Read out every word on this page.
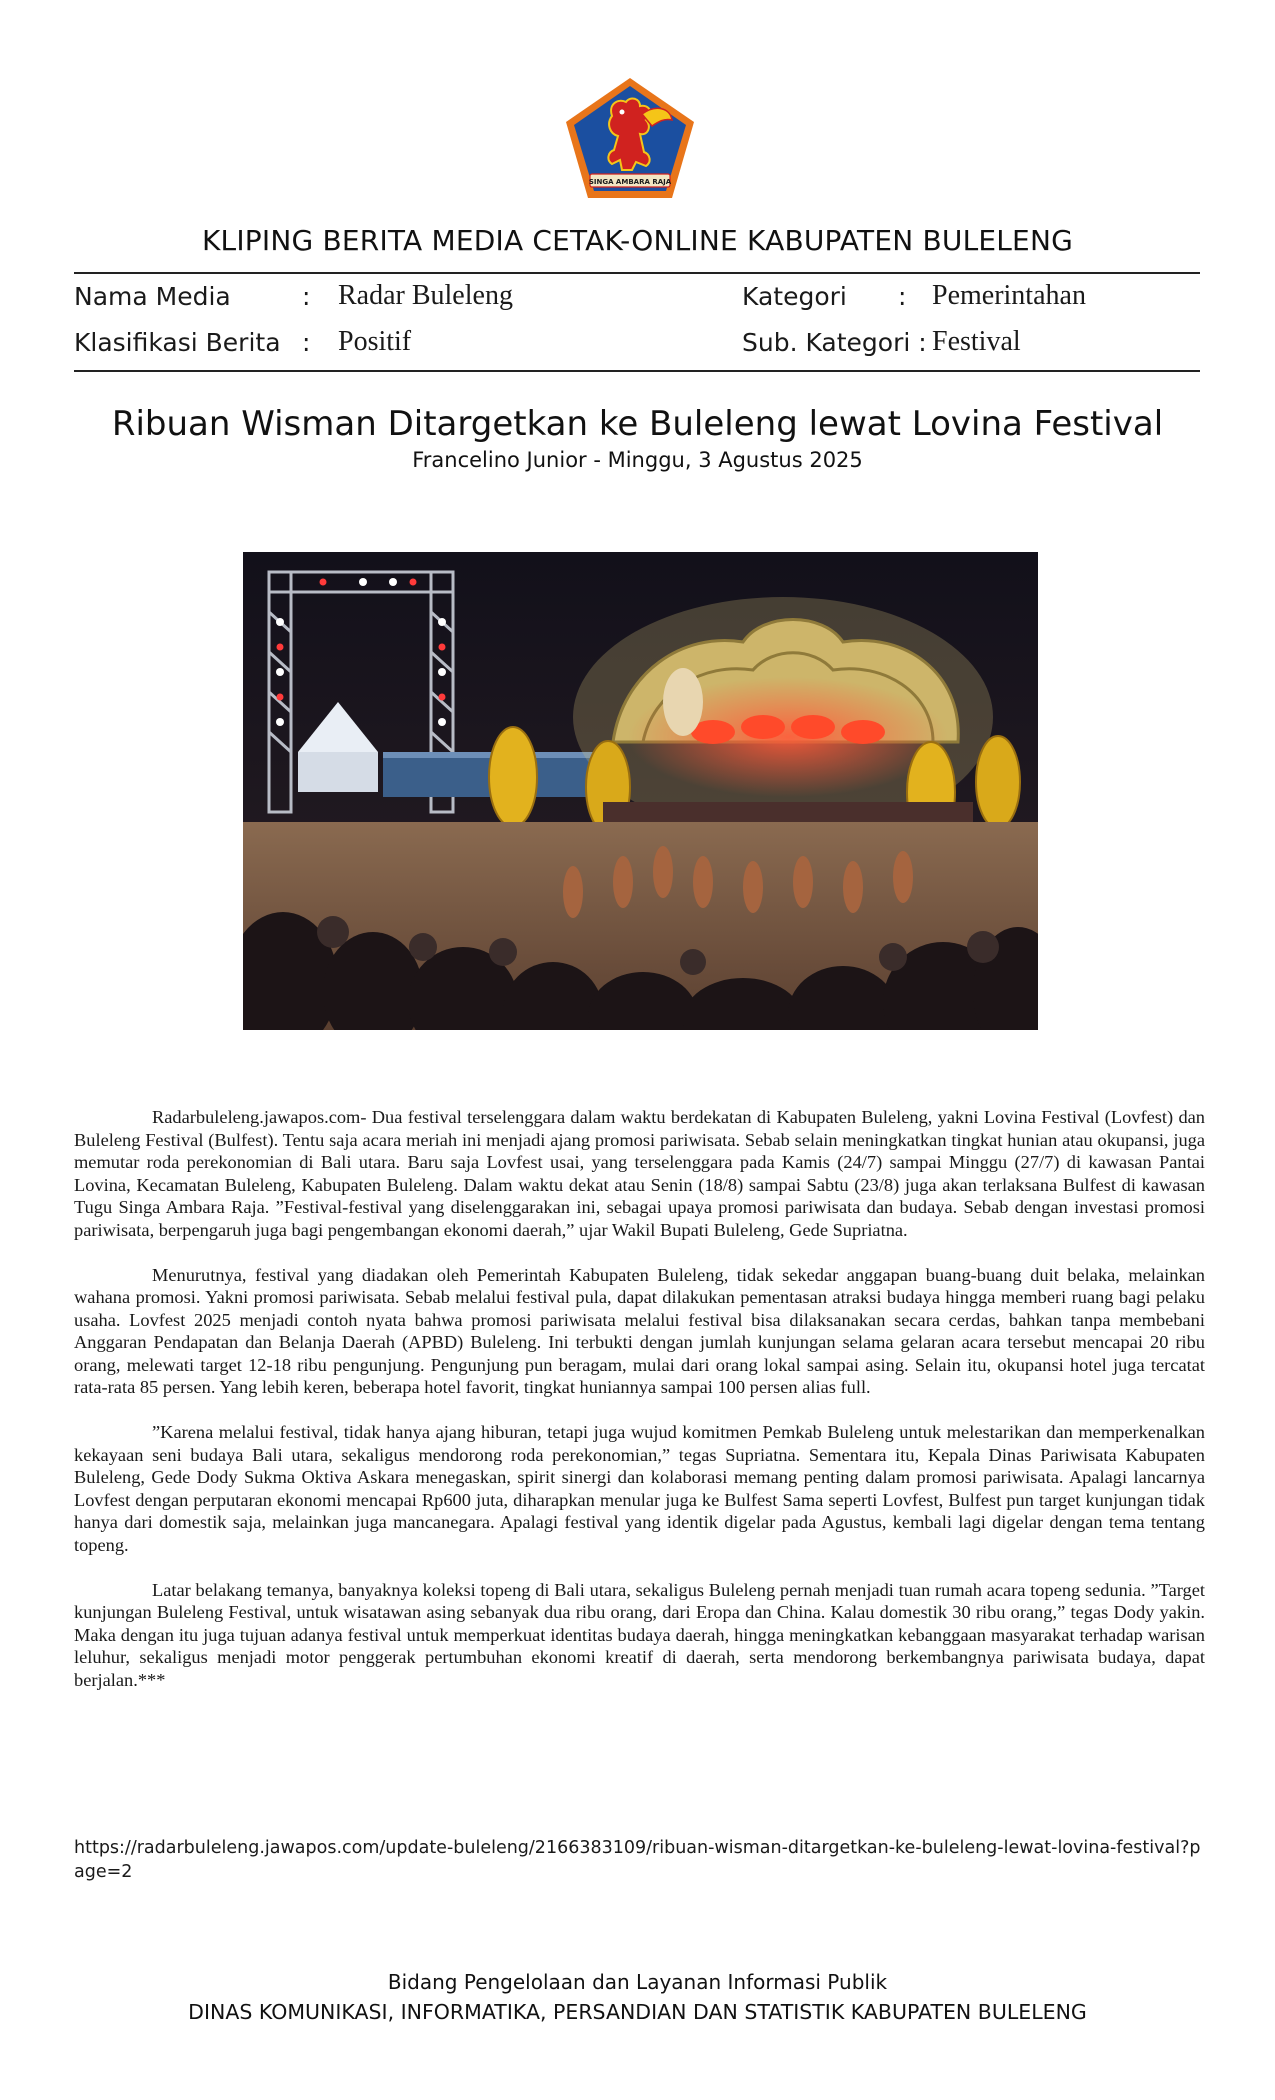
SINGA AMBARA RAJA
KLIPING BERITA MEDIA CETAK-ONLINE KABUPATEN BULELENG
Nama Media	: Radar Buleleng
Klasifikasi Berita : Positif
Kategori : Pemerintahan
Sub. Kategori : Festival
Ribuan Wisman Ditargetkan ke Buleleng lewat Lovina Festival
Francelino Junior - Minggu, 3 Agustus 2025

Radarbuleleng.jawapos.com- Dua festival terselenggara dalam waktu berdekatan di Kabupaten Buleleng, yakni Lovina Festival (Lovfest) dan Buleleng Festival (Bulfest). Tentu saja acara meriah ini menjadi ajang promosi pariwisata. Sebab selain meningkatkan tingkat hunian atau okupansi, juga memutar roda perekonomian di Bali utara. Baru saja Lovfest usai, yang terselenggara pada Kamis (24/7) sampai Minggu (27/7) di kawasan Pantai Lovina, Kecamatan Buleleng, Kabupaten Buleleng. Dalam waktu dekat atau Senin (18/8) sampai Sabtu (23/8) juga akan terlaksana Bulfest di kawasan Tugu Singa Ambara Raja. ”Festival-festival yang diselenggarakan ini, sebagai upaya promosi pariwisata dan budaya. Sebab dengan investasi promosi pariwisata, berpengaruh juga bagi pengembangan ekonomi daerah,” ujar Wakil Bupati Buleleng, Gede Supriatna.

Menurutnya, festival yang diadakan oleh Pemerintah Kabupaten Buleleng, tidak sekedar anggapan buang-buang duit belaka, melainkan wahana promosi. Yakni promosi pariwisata. Sebab melalui festival pula, dapat dilakukan pementasan atraksi budaya hingga memberi ruang bagi pelaku usaha. Lovfest 2025 menjadi contoh nyata bahwa promosi pariwisata melalui festival bisa dilaksanakan secara cerdas, bahkan tanpa membebani Anggaran Pendapatan dan Belanja Daerah (APBD) Buleleng. Ini terbukti dengan jumlah kunjungan selama gelaran acara tersebut mencapai 20 ribu orang, melewati target 12-18 ribu pengunjung. Pengunjung pun beragam, mulai dari orang lokal sampai asing. Selain itu, okupansi hotel juga tercatat rata-rata 85 persen. Yang lebih keren, beberapa hotel favorit, tingkat huniannya sampai 100 persen alias full.

”Karena melalui festival, tidak hanya ajang hiburan, tetapi juga wujud komitmen Pemkab Buleleng untuk melestarikan dan memperkenalkan kekayaan seni budaya Bali utara, sekaligus mendorong roda perekonomian,” tegas Supriatna. Sementara itu, Kepala Dinas Pariwisata Kabupaten Buleleng, Gede Dody Sukma Oktiva Askara menegaskan, spirit sinergi dan kolaborasi memang penting dalam promosi pariwisata. Apalagi lancarnya Lovfest dengan perputaran ekonomi mencapai Rp600 juta, diharapkan menular juga ke Bulfest Sama seperti Lovfest, Bulfest pun target kunjungan tidak hanya dari domestik saja, melainkan juga mancanegara. Apalagi festival yang identik digelar pada Agustus, kembali lagi digelar dengan tema tentang topeng.

Latar belakang temanya, banyaknya koleksi topeng di Bali utara, sekaligus Buleleng pernah menjadi tuan rumah acara topeng sedunia. ”Target kunjungan Buleleng Festival, untuk wisatawan asing sebanyak dua ribu orang, dari Eropa dan China. Kalau domestik 30 ribu orang,” tegas Dody yakin. Maka dengan itu juga tujuan adanya festival untuk memperkuat identitas budaya daerah, hingga meningkatkan kebanggaan masyarakat terhadap warisan leluhur, sekaligus menjadi motor penggerak pertumbuhan ekonomi kreatif di daerah, serta mendorong berkembangnya pariwisata budaya, dapat berjalan.***

https://radarbuleleng.jawapos.com/update-buleleng/2166383109/ribuan-wisman-ditargetkan-ke-buleleng-lewat-lovina-festival?page=2
Bidang Pengelolaan dan Layanan Informasi Publik
DINAS KOMUNIKASI, INFORMATIKA, PERSANDIAN DAN STATISTIK KABUPATEN BULELENG
